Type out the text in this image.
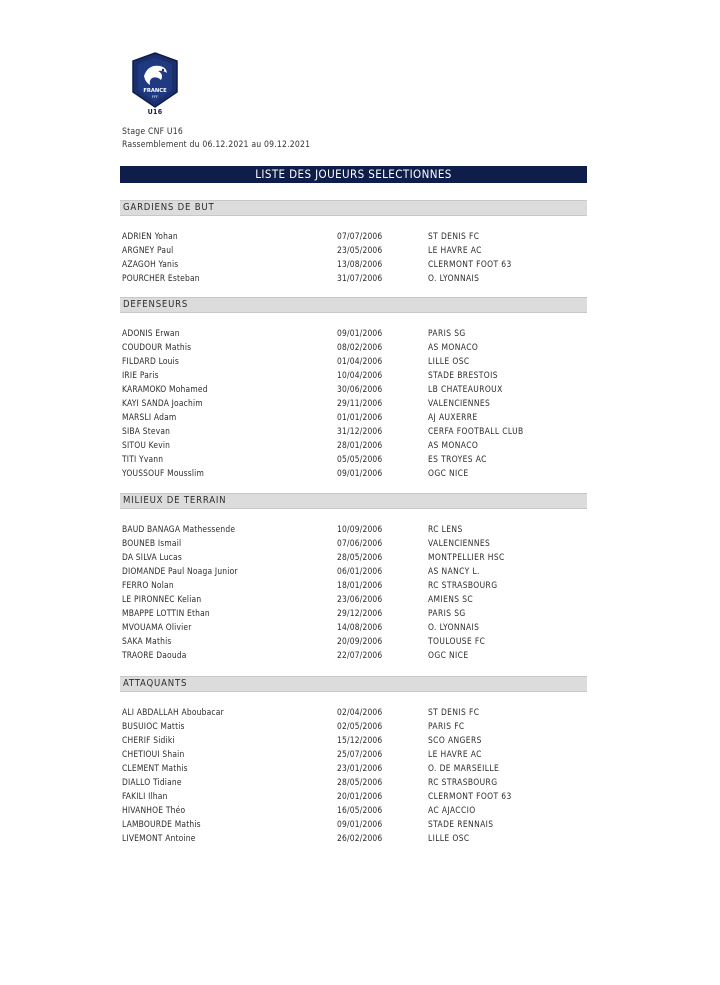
FRANCE
FFF
U16
Stage CNF U16
Rassemblement du 06.12.2021 au 09.12.2021
LISTE DES JOUEURS SELECTIONNES
GARDIENS DE BUT
ADRIEN Yohan	07/07/2006	ST DENIS FC
ARGNEY Paul	23/05/2006	LE HAVRE AC
AZAGOH Yanis	13/08/2006	CLERMONT FOOT 63
POURCHER Esteban	31/07/2006	O. LYONNAIS
DEFENSEURS
ADONIS Erwan	09/01/2006	PARIS SG
COUDOUR Mathis	08/02/2006	AS MONACO
FILDARD Louis	01/04/2006	LILLE OSC
IRIE Paris	10/04/2006	STADE BRESTOIS
KARAMOKO Mohamed	30/06/2006	LB CHATEAUROUX
KAYI SANDA Joachim	29/11/2006	VALENCIENNES
MARSLI Adam	01/01/2006	AJ AUXERRE
SIBA Stevan	31/12/2006	CERFA FOOTBALL CLUB
SITOU Kevin	28/01/2006	AS MONACO
TITI Yvann	05/05/2006	ES TROYES AC
YOUSSOUF Mousslim	09/01/2006	OGC NICE
MILIEUX DE TERRAIN
BAUD BANAGA Mathessende	10/09/2006	RC LENS
BOUNEB Ismail	07/06/2006	VALENCIENNES
DA SILVA Lucas	28/05/2006	MONTPELLIER HSC
DIOMANDE Paul Noaga Junior	06/01/2006	AS NANCY L.
FERRO Nolan	18/01/2006	RC STRASBOURG
LE PIRONNEC Kelian	23/06/2006	AMIENS SC
MBAPPE LOTTIN Ethan	29/12/2006	PARIS SG
MVOUAMA Olivier	14/08/2006	O. LYONNAIS
SAKA Mathis	20/09/2006	TOULOUSE FC
TRAORE Daouda	22/07/2006	OGC NICE
ATTAQUANTS
ALI ABDALLAH Aboubacar	02/04/2006	ST DENIS FC
BUSUIOC Mattis	02/05/2006	PARIS FC
CHERIF Sidiki	15/12/2006	SCO ANGERS
CHETIOUI Shain	25/07/2006	LE HAVRE AC
CLEMENT Mathis	23/01/2006	O. DE MARSEILLE
DIALLO Tidiane	28/05/2006	RC STRASBOURG
FAKILI Ilhan	20/01/2006	CLERMONT FOOT 63
HIVANHOE Théo	16/05/2006	AC AJACCIO
LAMBOURDE Mathis	09/01/2006	STADE RENNAIS
LIVEMONT Antoine	26/02/2006	LILLE OSC
